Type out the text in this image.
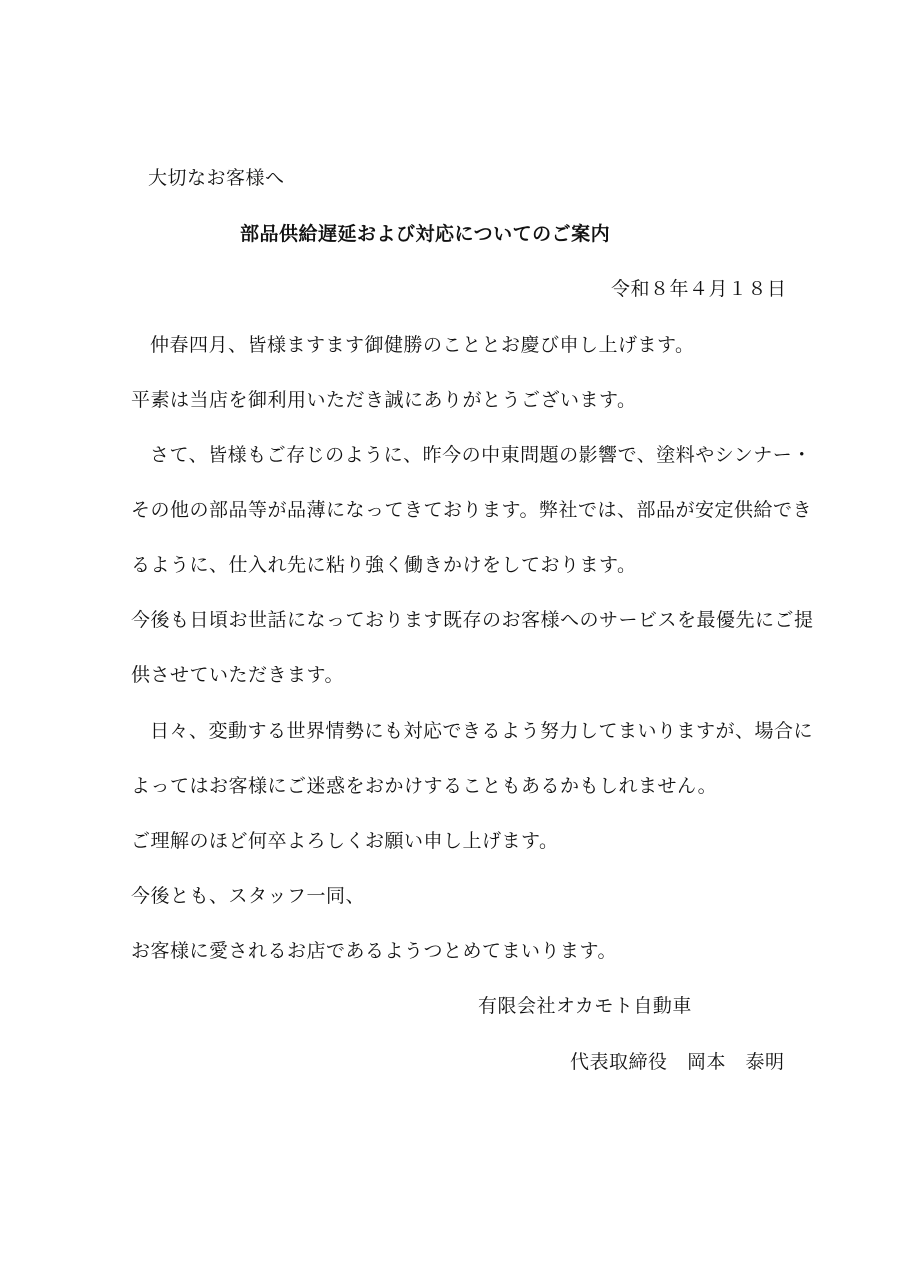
大切なお客様へ
部品供給遅延および対応についてのご案内
令和８年４月１８日
仲春四月、皆様ますます御健勝のこととお慶び申し上げます。
平素は当店を御利用いただき誠にありがとうございます。
さて、皆様もご存じのように、昨今の中東問題の影響で、塗料やシンナー・
その他の部品等が品薄になってきております。弊社では、部品が安定供給でき
るように、仕入れ先に粘り強く働きかけをしております。
今後も日頃お世話になっております既存のお客様へのサービスを最優先にご提
供させていただきます。
日々、変動する世界情勢にも対応できるよう努力してまいりますが、場合に
よってはお客様にご迷惑をおかけすることもあるかもしれません。
ご理解のほど何卒よろしくお願い申し上げます。
今後とも、スタッフ一同、
お客様に愛されるお店であるようつとめてまいります。
有限会社オカモト自動車
代表取締役　岡本　泰明
